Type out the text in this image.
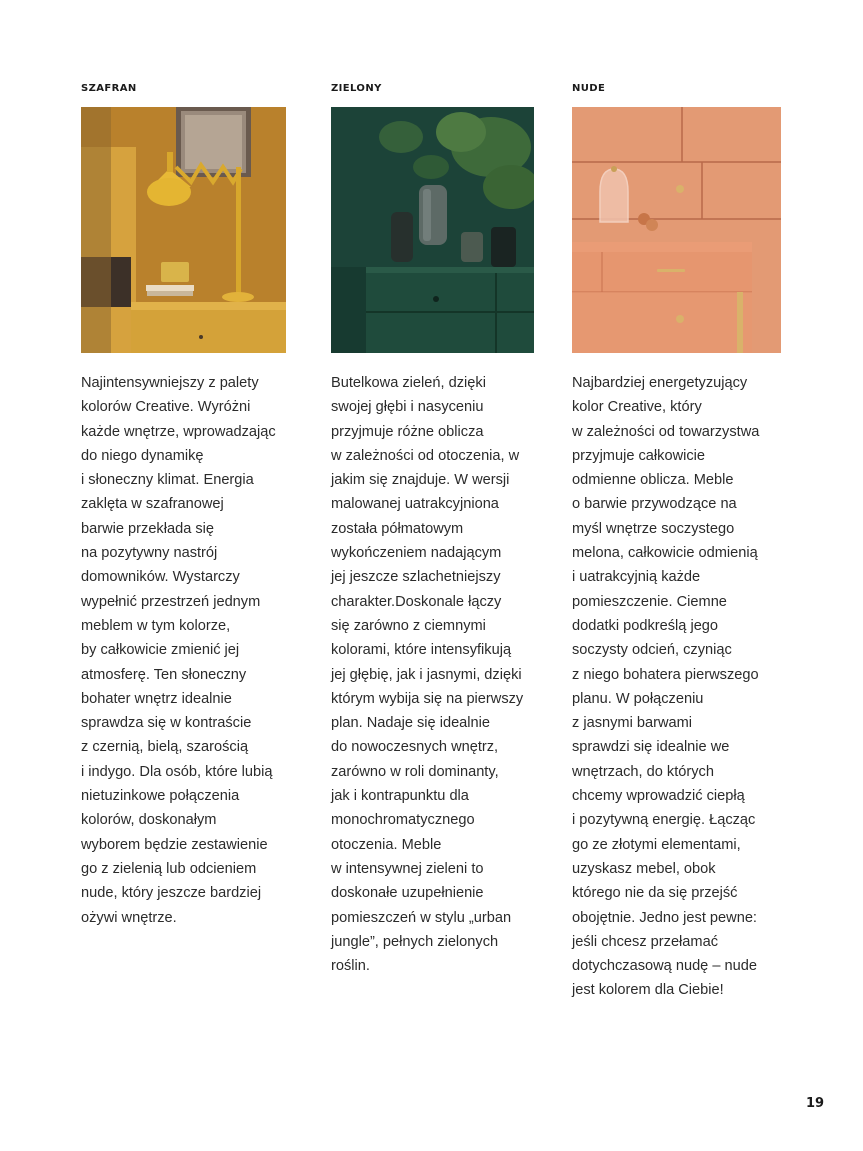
SZAFRAN
Najintensywniejszy z palety
kolorów Creative. Wyróżni
każde wnętrze, wprowadzając
do niego dynamikę
i słoneczny klimat. Energia
zaklęta w szafranowej
barwie przekłada się
na pozytywny nastrój
domowników. Wystarczy
wypełnić przestrzeń jednym
meblem w tym kolorze,
by całkowicie zmienić jej
atmosferę. Ten słoneczny
bohater wnętrz idealnie
sprawdza się w kontraście
z czernią, bielą, szarością
i indygo. Dla osób, które lubią
nietuzinkowe połączenia
kolorów, doskonałym
wyborem będzie zestawienie
go z zielenią lub odcieniem
nude, który jeszcze bardziej
ożywi wnętrze.
ZIELONY
Butelkowa zieleń, dzięki
swojej głębi i nasyceniu
przyjmuje różne oblicza
w zależności od otoczenia, w
jakim się znajduje. W wersji
malowanej uatrakcyjniona
została półmatowym
wykończeniem nadającym
jej jeszcze szlachetniejszy
charakter.Doskonale łączy
się zarówno z ciemnymi
kolorami, które intensyfikują
jej głębię, jak i jasnymi, dzięki
którym wybija się na pierwszy
plan. Nadaje się idealnie
do nowoczesnych wnętrz,
zarówno w roli dominanty,
jak i kontrapunktu dla
monochromatycznego
otoczenia. Meble
w intensywnej zieleni to
doskonałe uzupełnienie
pomieszczeń w stylu „urban
jungle”, pełnych zielonych
roślin.
NUDE
Najbardziej energetyzujący
kolor Creative, który
w zależności od towarzystwa
przyjmuje całkowicie
odmienne oblicza. Meble
o barwie przywodzące na
myśl wnętrze soczystego
melona, całkowicie odmienią
i uatrakcyjnią każde
pomieszczenie. Ciemne
dodatki podkreślą jego
soczysty odcień, czyniąc
z niego bohatera pierwszego
planu. W połączeniu
z jasnymi barwami
sprawdzi się idealnie we
wnętrzach, do których
chcemy wprowadzić ciepłą
i pozytywną energię. Łącząc
go ze złotymi elementami,
uzyskasz mebel, obok
którego nie da się przejść
obojętnie. Jedno jest pewne:
jeśli chcesz przełamać
dotychczasową nudę – nude
jest kolorem dla Ciebie!
19
